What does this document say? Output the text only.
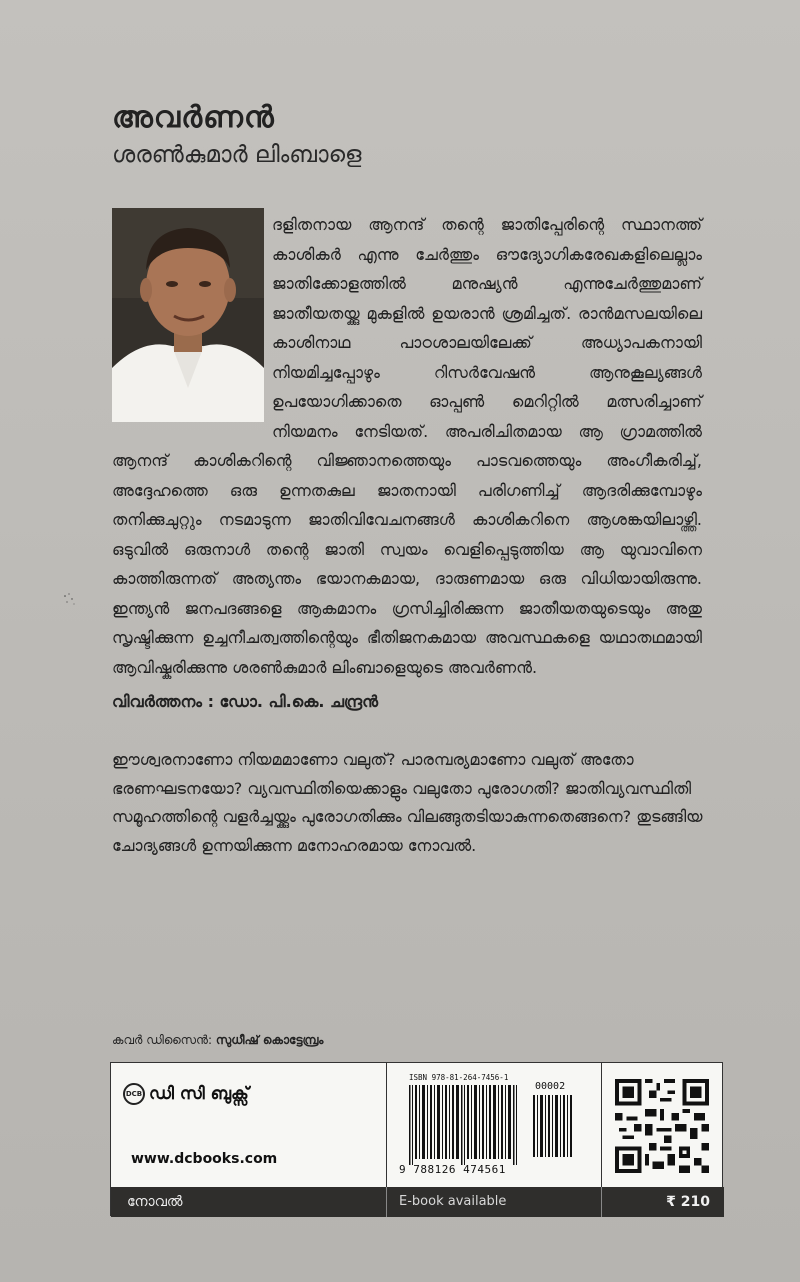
അവർണൻ
ശരൺകുമാർ ലിംബാളെ
ദളിതനായ ആനന്ദ് തന്റെ ജാതിപ്പേരിന്റെ സ്ഥാനത്ത് കാശികർ എന്നു ചേർത്തും ഔദ്യോഗികരേഖകളിലെല്ലാം ജാതിക്കോളത്തിൽ മനുഷ്യൻ എന്നുചേർത്തുമാണ് ജാതീയതയ്ക്കു മുകളിൽ ഉയരാൻ ശ്രമിച്ചത്. രാൻമസലയിലെ കാശിനാഥ പാഠശാലയിലേക്ക് അധ്യാപകനായി നിയമിച്ചപ്പോഴും റിസർവേഷൻ ആനുകൂല്യങ്ങൾ ഉപയോഗിക്കാതെ ഓപ്പൺ മെറിറ്റിൽ മത്സരിച്ചാണ് നിയമനം നേടിയത്. അപരിചിതമായ ആ ഗ്രാമത്തിൽ ആനന്ദ് കാശികറിന്റെ വിജ്ഞാനത്തെയും പാടവത്തെയും അംഗീകരിച്ച്, അദ്ദേഹത്തെ ഒരു ഉന്നതകുല ജാതനായി പരിഗണിച്ച് ആദരിക്കുമ്പോഴും തനിക്കുചുറ്റും നടമാടുന്ന ജാതിവിവേചനങ്ങൾ കാശികറിനെ ആശങ്കയിലാഴ്ത്തി. ഒടുവിൽ ഒരുനാൾ തന്റെ ജാതി സ്വയം വെളിപ്പെടുത്തിയ ആ യുവാവിനെ കാത്തിരുന്നത് അത്യന്തം ഭയാനകമായ, ദാരുണമായ ഒരു വിധിയായിരുന്നു. ഇന്ത്യൻ ജനപദങ്ങളെ ആകമാനം ഗ്രസിച്ചിരിക്കുന്ന ജാതീയതയുടെയും അതു സൃഷ്ടിക്കുന്ന ഉച്ചനീചത്വത്തിന്റെയും ഭീതിജനകമായ അവസ്ഥകളെ യഥാതഥമായി ആവിഷ്കരിക്കുന്നു ശരൺകുമാർ ലിംബാളെയുടെ അവർണൻ.
വിവർത്തനം : ഡോ. പി.കെ. ചന്ദ്രൻ
ഈശ്വരനാണോ നിയമമാണോ വലുത്? പാരമ്പര്യമാണോ വലുത് അതോ ഭരണഘടനയോ? വ്യവസ്ഥിതിയെക്കാളും വലുതോ പുരോഗതി? ജാതിവ്യവസ്ഥിതി സമൂഹത്തിന്റെ വളർച്ചയ്ക്കും പുരോഗതിക്കും വിലങ്ങുതടിയാകുന്നതെങ്ങനെ? തുടങ്ങിയ ചോദ്യങ്ങൾ ഉന്നയിക്കുന്ന മനോഹരമായ നോവൽ.
കവർ ഡിസൈൻ: സുധീഷ് കൊട്ടേമ്പ്രം
DCB ഡി സി ബുക്സ്
www.dcbooks.com
ISBN 978-81-264-7456-1
00002
9 788126 474561
നോവൽ	E-book available	₹ 210
